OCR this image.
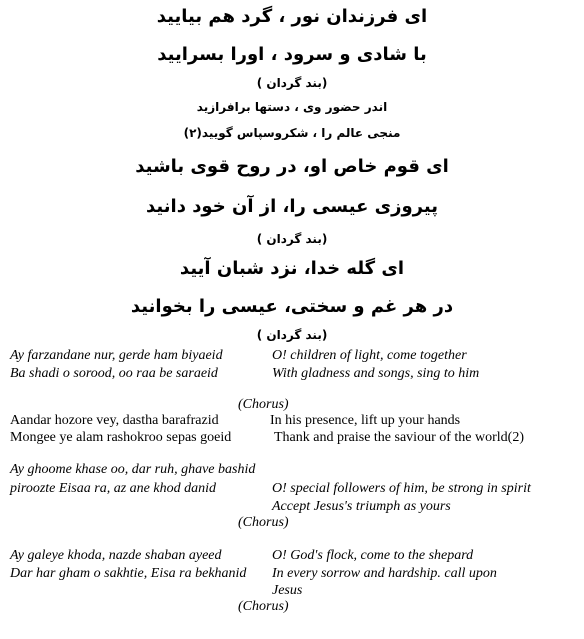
ای فرزندان نور ، گرد هم بیایید
با شادی و سرود ، اورا بسرایید
(بند گردان )
اندر حضور وی ، دستها برافرازید
منجی عالم را ، شکروسپاس گویید(۲)
ای قوم خاص او، در روح قوی باشید
پیروزی عیسی را، از آن خود دانید
(بند گردان )
ای گله خدا، نزد شبان آیید
در هر غم و سختی، عیسی را بخوانید
(بند گردان )
Ay farzandane nur, gerde ham biyaeid	O! children of light, come together
Ba shadi o sorood, oo raa be saraeid	With gladness and songs, sing to him
(Chorus)
Aandar hozore vey, dastha barafrazid	In his presence, lift up your hands
Mongee ye alam rashokroo sepas goeid	Thank and praise the saviour of the world(2)
Ay ghoome khase oo, dar ruh, ghave bashid
piroozte Eisaa ra, az ane khod danid	O! special followers of him, be strong in spirit
Accept Jesus's triumph as yours
(Chorus)
Ay galeye khoda, nazde shaban ayeed	O! God's flock, come to the shepard
Dar har gham o sakhtie, Eisa ra bekhanid In every sorrow and hardship. call upon
Jesus
(Chorus)
